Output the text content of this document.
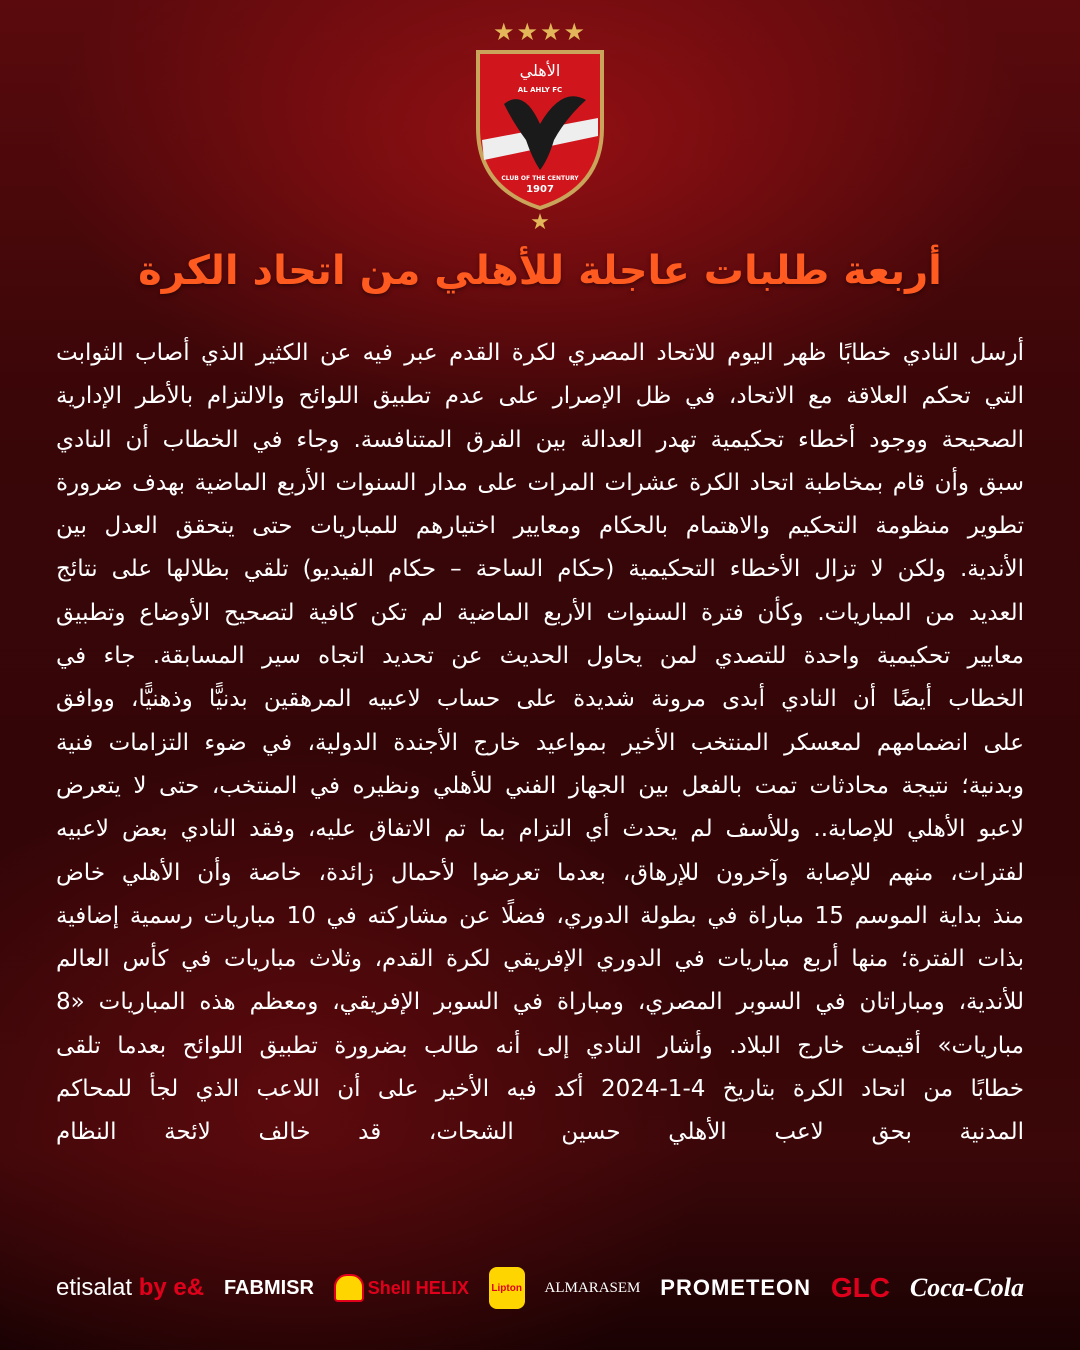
★★★★
الأهلي
AL AHLY FC
CLUB OF THE CENTURY
1907
★
أربعة طلبات عاجلة للأهلي من اتحاد الكرة
أرسل النادي خطابًا ظهر اليوم للاتحاد المصري لكرة القدم عبر فيه عن الكثير الذي أصاب الثوابت
التي تحكم العلاقة مع الاتحاد، في ظل الإصرار على عدم تطبيق اللوائح والالتزام بالأطر الإدارية
الصحيحة ووجود أخطاء تحكيمية تهدر العدالة بين الفرق المتنافسة. وجاء في الخطاب أن النادي
سبق وأن قام بمخاطبة اتحاد الكرة عشرات المرات على مدار السنوات الأربع الماضية بهدف ضرورة
تطوير منظومة التحكيم والاهتمام بالحكام ومعايير اختيارهم للمباريات حتى يتحقق العدل بين
الأندية. ولكن لا تزال الأخطاء التحكيمية (حكام الساحة – حكام الفيديو) تلقي بظلالها على نتائج
العديد من المباريات. وكأن فترة السنوات الأربع الماضية لم تكن كافية لتصحيح الأوضاع وتطبيق
معايير تحكيمية واحدة للتصدي لمن يحاول الحديث عن تحديد اتجاه سير المسابقة. جاء في
الخطاب أيضًا أن النادي أبدى مرونة شديدة على حساب لاعبيه المرهقين بدنيًّا وذهنيًّا، ووافق
على انضمامهم لمعسكر المنتخب الأخير بمواعيد خارج الأجندة الدولية، في ضوء التزامات فنية
وبدنية؛ نتيجة محادثات تمت بالفعل بين الجهاز الفني للأهلي ونظيره في المنتخب، حتى لا يتعرض
لاعبو الأهلي للإصابة.. وللأسف لم يحدث أي التزام بما تم الاتفاق عليه، وفقد النادي بعض لاعبيه
لفترات، منهم للإصابة وآخرون للإرهاق، بعدما تعرضوا لأحمال زائدة، خاصة وأن الأهلي خاض
منذ بداية الموسم 15 مباراة في بطولة الدوري، فضلًا عن مشاركته في 10 مباريات رسمية إضافية
بذات الفترة؛ منها أربع مباريات في الدوري الإفريقي لكرة القدم، وثلاث مباريات في كأس العالم
للأندية، ومباراتان في السوبر المصري، ومباراة في السوبر الإفريقي، ومعظم هذه المباريات «8
مباريات» أقيمت خارج البلاد. وأشار النادي إلى أنه طالب بضرورة تطبيق اللوائح بعدما تلقى
خطابًا من اتحاد الكرة بتاريخ 4-1-2024 أكد فيه الأخير على أن اللاعب الذي لجأ للمحاكم
المدنية بحق لاعب الأهلي حسين الشحات، قد خالف لائحة النظام
etisalat by e& FABMISR	Shell HELIX Lipton ALMARASEM PROMETEON GLC Coca-Cola
